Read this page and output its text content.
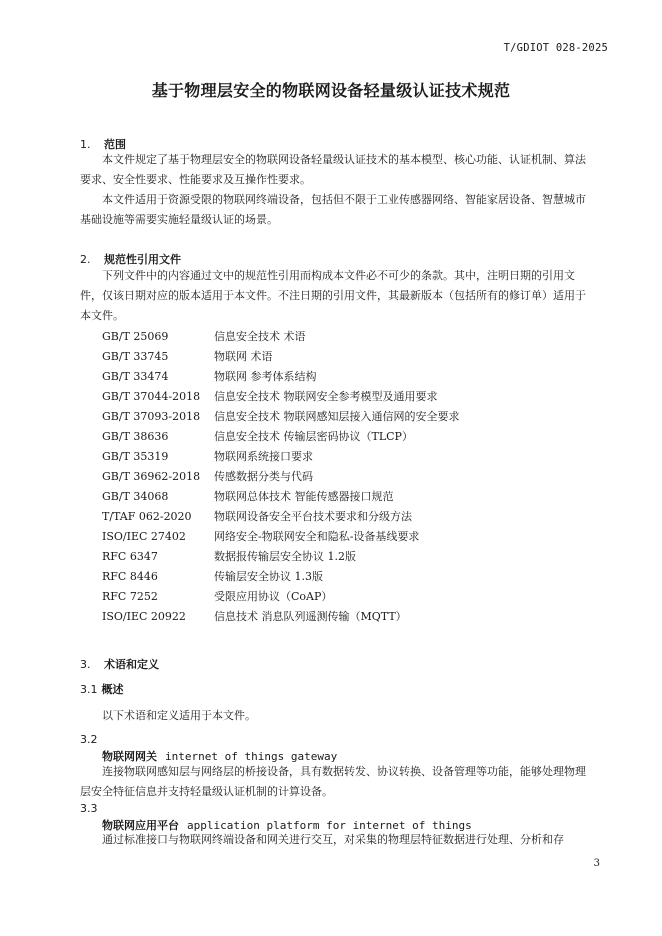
T/GDIOT 028-2025
基于物理层安全的物联网设备轻量级认证技术规范
1. 范围

本文件规定了基于物理层安全的物联网设备轻量级认证技术的基本模型、核心功能、认证机制、算法要求、安全性要求、性能要求及互操作性要求。

本文件适用于资源受限的物联网终端设备，包括但不限于工业传感器网络、智能家居设备、智慧城市基础设施等需要实施轻量级认证的场景。

2. 规范性引用文件

下列文件中的内容通过文中的规范性引用而构成本文件必不可少的条款。其中，注明日期的引用文件，仅该日期对应的版本适用于本文件。不注日期的引用文件，其最新版本（包括所有的修订单）适用于本文件。

GB/T 25069	信息安全技术 术语
GB/T 33745	物联网 术语
GB/T 33474	物联网 参考体系结构
GB/T 37044-2018	信息安全技术 物联网安全参考模型及通用要求
GB/T 37093-2018	信息安全技术 物联网感知层接入通信网的安全要求
GB/T 38636	信息安全技术 传输层密码协议（TLCP）
GB/T 35319	物联网系统接口要求
GB/T 36962-2018	传感数据分类与代码
GB/T 34068	物联网总体技术 智能传感器接口规范
T/TAF 062-2020	物联网设备安全平台技术要求和分级方法
ISO/IEC 27402	网络安全-物联网安全和隐私-设备基线要求
RFC 6347	数据报传输层安全协议 1.2版
RFC 8446	传输层安全协议 1.3版
RFC 7252	受限应用协议（CoAP）
ISO/IEC 20922	信息技术 消息队列遥测传输（MQTT）
3. 术语和定义
3.1 概述

以下术语和定义适用于本文件。

3.2
物联网网关 internet of things gateway

连接物联网感知层与网络层的桥接设备，具有数据转发、协议转换、设备管理等功能，能够处理物理层安全特征信息并支持轻量级认证机制的计算设备。

3.3
物联网应用平台 application platform for internet of things

通过标准接口与物联网终端设备和网关进行交互，对采集的物理层特征数据进行处理、分析和存

3
